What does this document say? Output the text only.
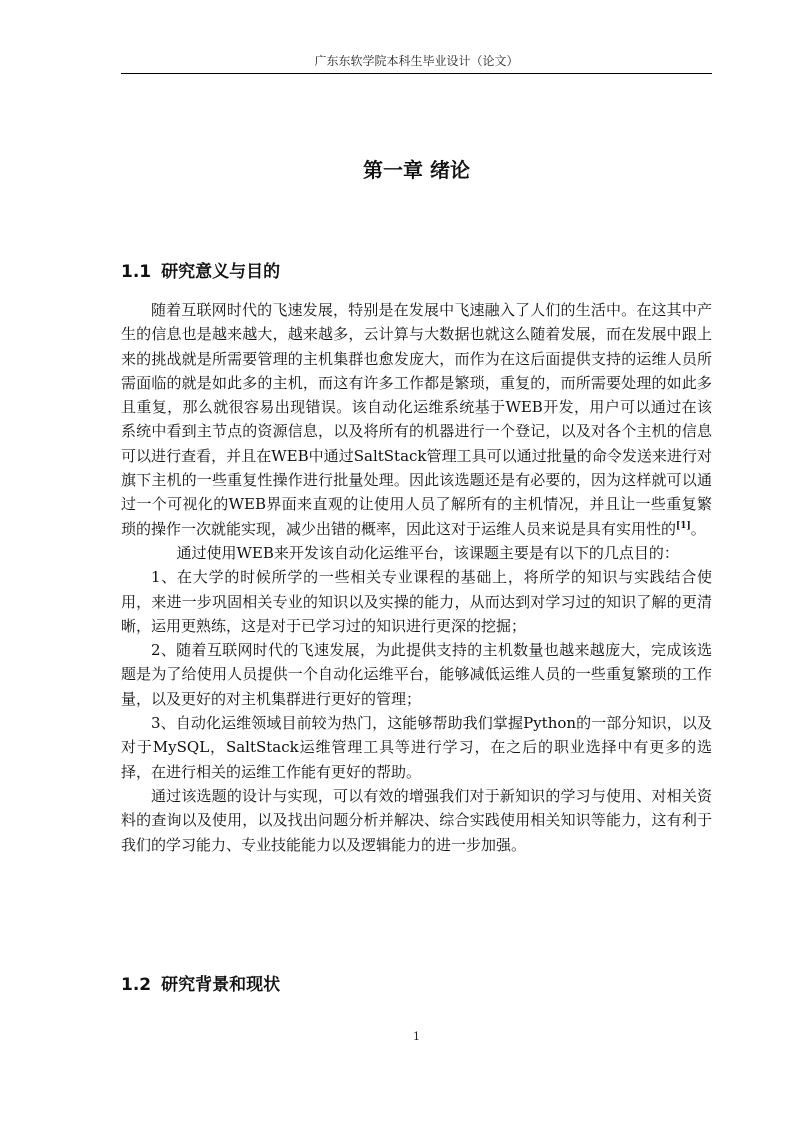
广东东软学院本科生毕业设计（论文）
第一章 绪论
1.1 研究意义与目的

随着互联网时代的飞速发展，特别是在发展中飞速融入了人们的生活中。在这其中产生的信息也是越来越大，越来越多，云计算与大数据也就这么随着发展，而在发展中跟上来的挑战就是所需要管理的主机集群也愈发庞大，而作为在这后面提供支持的运维人员所需面临的就是如此多的主机，而这有许多工作都是繁琐，重复的，而所需要处理的如此多且重复，那么就很容易出现错误。该自动化运维系统基于WEB开发，用户可以通过在该系统中看到主节点的资源信息，以及将所有的机器进行一个登记，以及对各个主机的信息可以进行查看，并且在WEB中通过SaltStack管理工具可以通过批量的命令发送来进行对旗下主机的一些重复性操作进行批量处理。因此该选题还是有必要的，因为这样就可以通过一个可视化的WEB界面来直观的让使用人员了解所有的主机情况，并且让一些重复繁琐的操作一次就能实现，减少出错的概率，因此这对于运维人员来说是具有实用性的[1]。

通过使用WEB来开发该自动化运维平台，该课题主要是有以下的几点目的：

1、在大学的时候所学的一些相关专业课程的基础上，将所学的知识与实践结合使用，来进一步巩固相关专业的知识以及实操的能力，从而达到对学习过的知识了解的更清晰，运用更熟练，这是对于已学习过的知识进行更深的挖掘；

2、随着互联网时代的飞速发展，为此提供支持的主机数量也越来越庞大，完成该选题是为了给使用人员提供一个自动化运维平台，能够减低运维人员的一些重复繁琐的工作量，以及更好的对主机集群进行更好的管理；

3、自动化运维领域目前较为热门，这能够帮助我们掌握Python的一部分知识，以及对于MySQL，SaltStack运维管理工具等进行学习，在之后的职业选择中有更多的选择，在进行相关的运维工作能有更好的帮助。

通过该选题的设计与实现，可以有效的增强我们对于新知识的学习与使用、对相关资料的查询以及使用，以及找出问题分析并解决、综合实践使用相关知识等能力，这有利于我们的学习能力、专业技能能力以及逻辑能力的进一步加强。

1.2 研究背景和现状
1
